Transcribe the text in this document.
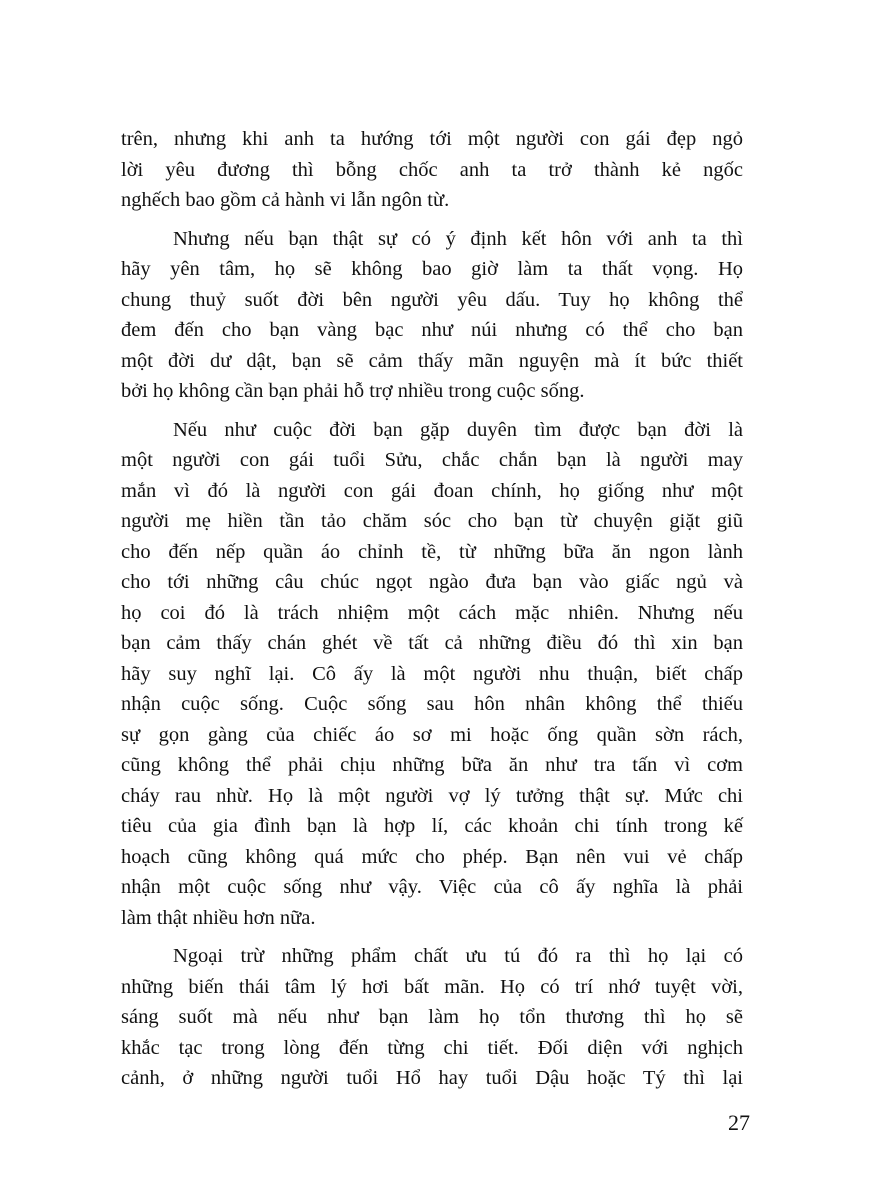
trên, nhưng khi anh ta hướng tới một người con gái đẹp ngỏ
lời yêu đương thì bỗng chốc anh ta trở thành kẻ ngốc
nghếch bao gồm cả hành vi lẫn ngôn từ.
Nhưng nếu bạn thật sự có ý định kết hôn với anh ta thì
hãy yên tâm, họ sẽ không bao giờ làm ta thất vọng. Họ
chung thuỷ suốt đời bên người yêu dấu. Tuy họ không thể
đem đến cho bạn vàng bạc như núi nhưng có thể cho bạn
một đời dư dật, bạn sẽ cảm thấy mãn nguyện mà ít bức thiết
bởi họ không cần bạn phải hỗ trợ nhiều trong cuộc sống.
Nếu như cuộc đời bạn gặp duyên tìm được bạn đời là
một người con gái tuổi Sửu, chắc chắn bạn là người may
mắn vì đó là người con gái đoan chính, họ giống như một
người mẹ hiền tần tảo chăm sóc cho bạn từ chuyện giặt giũ
cho đến nếp quần áo chỉnh tề, từ những bữa ăn ngon lành
cho tới những câu chúc ngọt ngào đưa bạn vào giấc ngủ và
họ coi đó là trách nhiệm một cách mặc nhiên. Nhưng nếu
bạn cảm thấy chán ghét về tất cả những điều đó thì xin bạn
hãy suy nghĩ lại. Cô ấy là một người nhu thuận, biết chấp
nhận cuộc sống. Cuộc sống sau hôn nhân không thể thiếu
sự gọn gàng của chiếc áo sơ mi hoặc ống quần sờn rách,
cũng không thể phải chịu những bữa ăn như tra tấn vì cơm
cháy rau nhừ. Họ là một người vợ lý tưởng thật sự. Mức chi
tiêu của gia đình bạn là hợp lí, các khoản chi tính trong kế
hoạch cũng không quá mức cho phép. Bạn nên vui vẻ chấp
nhận một cuộc sống như vậy. Việc của cô ấy nghĩa là phải
làm thật nhiều hơn nữa.
Ngoại trừ những phẩm chất ưu tú đó ra thì họ lại có
những biến thái tâm lý hơi bất mãn. Họ có trí nhớ tuyệt vời,
sáng suốt mà nếu như bạn làm họ tổn thương thì họ sẽ
khắc tạc trong lòng đến từng chi tiết. Đối diện với nghịch
cảnh, ở những người tuổi Hổ hay tuổi Dậu hoặc Tý thì lại
27
